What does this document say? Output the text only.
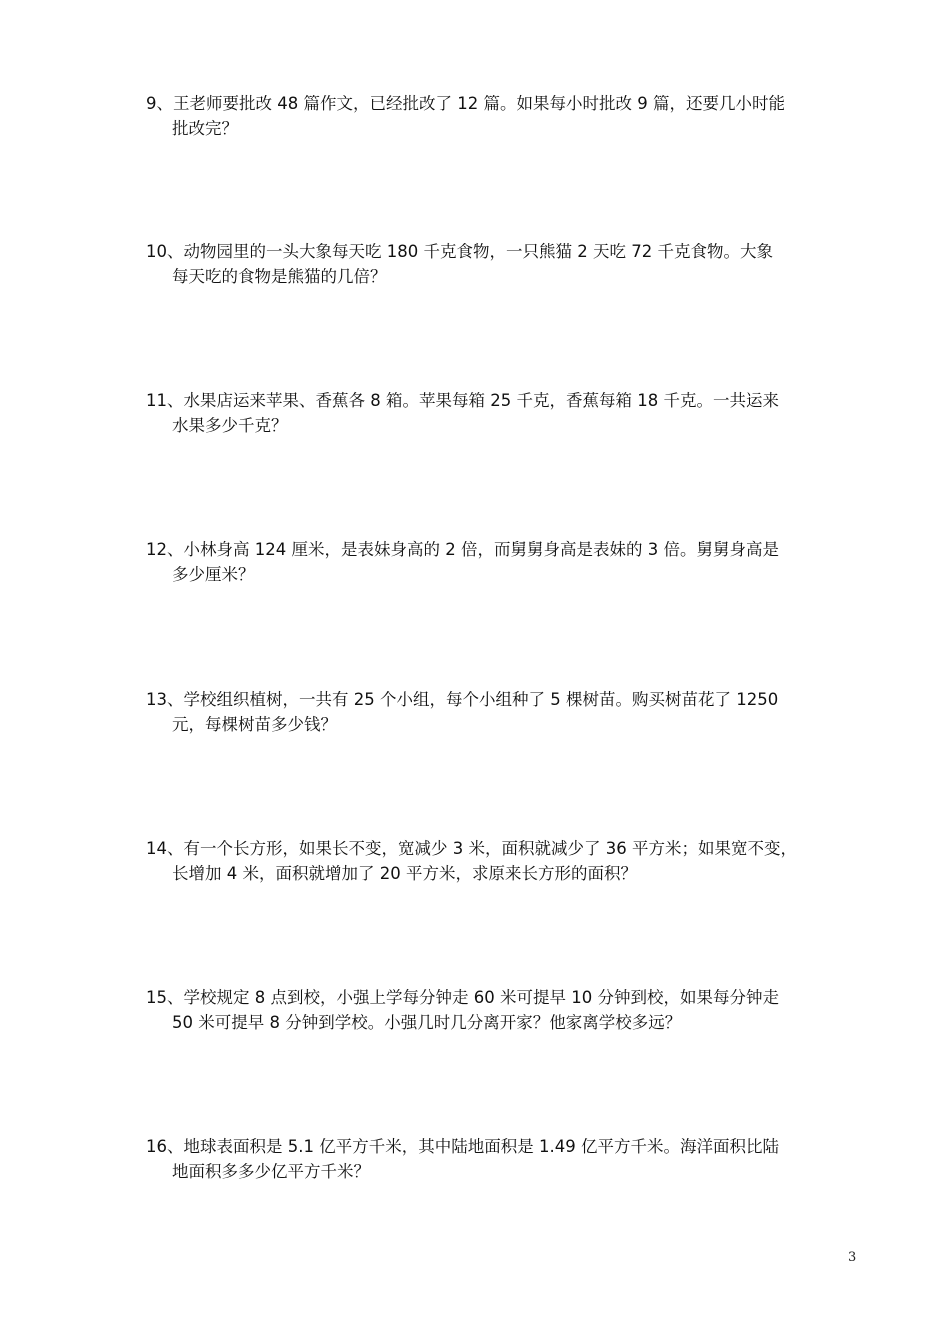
9、王老师要批改 48 篇作文，已经批改了 12 篇。如果每小时批改 9 篇，还要几小时能
批改完？
10、动物园里的一头大象每天吃 180 千克食物，一只熊猫 2 天吃 72 千克食物。大象
每天吃的食物是熊猫的几倍？
11、水果店运来苹果、香蕉各 8 箱。苹果每箱 25 千克，香蕉每箱 18 千克。一共运来
水果多少千克？
12、小林身高 124 厘米，是表妹身高的 2 倍，而舅舅身高是表妹的 3 倍。舅舅身高是
多少厘米？
13、学校组织植树，一共有 25 个小组，每个小组种了 5 棵树苗。购买树苗花了 1250
元，每棵树苗多少钱？
14、有一个长方形，如果长不变，宽减少 3 米，面积就减少了 36 平方米；如果宽不变，
长增加 4 米，面积就增加了 20 平方米，求原来长方形的面积？
15、学校规定 8 点到校，小强上学每分钟走 60 米可提早 10 分钟到校，如果每分钟走
50 米可提早 8 分钟到学校。小强几时几分离开家？他家离学校多远？
16、地球表面积是 5.1 亿平方千米，其中陆地面积是 1.49 亿平方千米。海洋面积比陆
地面积多多少亿平方千米？
3
